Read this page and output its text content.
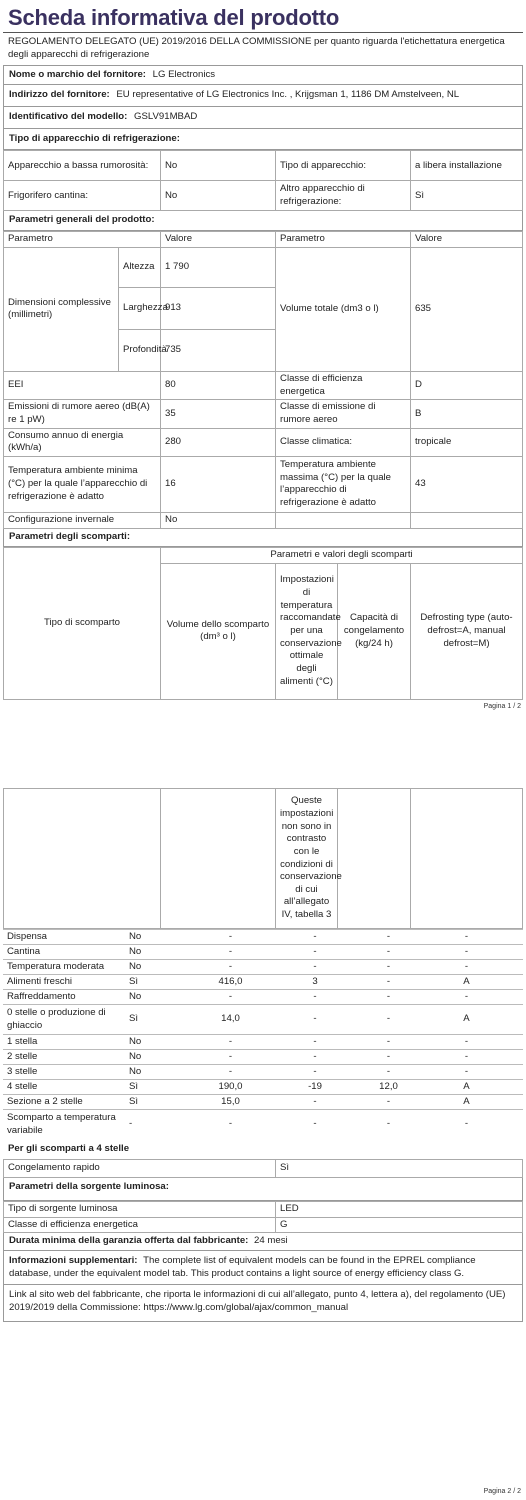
Scheda informativa del prodotto
REGOLAMENTO DELEGATO (UE) 2019/2016 DELLA COMMISSIONE per quanto riguarda l'etichettatura energetica degli apparecchi di refrigerazione
Nome o marchio del fornitore: LG Electronics
Indirizzo del fornitore: EU representative of LG Electronics Inc. , Krijgsman 1, 1186 DM Amstelveen, NL
Identificativo del modello: GSLV91MBAD
Tipo di apparecchio di refrigerazione:
Apparecchio a bassa rumorosità:	No	Tipo di apparecchio:	a libera installazione
Frigorifero cantina:	No	Altro apparecchio di refrigerazione:	Sì
Parametri generali del prodotto:
Parametro		Valore	Parametro	Valore
Dimensioni complessive (millimetri)	Altezza	1 790	Volume totale (dm3 o l)	635
	Larghezza	913		
	Profondità	735		
EEI		80	Classe di efficienza energetica	D
Emissioni di rumore aereo (dB(A) re 1 pW)		35	Classe di emissione di rumore aereo	B
Consumo annuo di energia (kWh/a)		280	Classe climatica:	tropicale
Temperatura ambiente minima (°C) per la quale l’apparecchio di refrigerazione è adatto		16	Temperatura ambiente massima (°C) per la quale l’apparecchio di refrigerazione è adatto	43
Configurazione invernale		No		
Parametri degli scomparti:
Tipo di scomparto	Parametri e valori degli scomparti			
	Volume dello scomparto (dm³ o l)	Impostazioni di temperatura raccomandate per una conservazione ottimale degli alimenti (°C)	Capacità di congelamento (kg/24 h)	Defrosting type (auto-defrost=A, manual defrost=M)
Pagina 1 / 2
		Queste impostazioni non sono in contrasto con le condizioni di conservazione di cui all’allegato IV, tabella 3		
Dispensa	No	-	-	-	-
Cantina	No	-	-	-	-
Temperatura moderata	No	-	-	-	-
Alimenti freschi	Sì	416,0	3	-	A
Raffreddamento	No	-	-	-	-
0 stelle o produzione di ghiaccio	Sì	14,0	-	-	A
1 stella	No	-	-	-	-
2 stelle	No	-	-	-	-
3 stelle	No	-	-	-	-
4 stelle	Sì	190,0	-19	12,0	A
Sezione a 2 stelle	Sì	15,0	-	-	A
Scomparto a temperatura variabile	-	-	-	-	-
Per gli scomparti a 4 stelle
Congelamento rapido	Sì
Parametri della sorgente luminosa:
Tipo di sorgente luminosa	LED
Classe di efficienza energetica	G
Durata minima della garanzia offerta dal fabbricante: 24 mesi
Informazioni supplementari: The complete list of equivalent models can be found in the EPREL compliance database, under the equivalent model tab. This product contains a light source of energy efficiency class G.
Link al sito web del fabbricante, che riporta le informazioni di cui all’allegato, punto 4, lettera a), del regolamento (UE) 2019/2019 della Commissione: https://www.lg.com/global/ajax/common_manual
Pagina 2 / 2
